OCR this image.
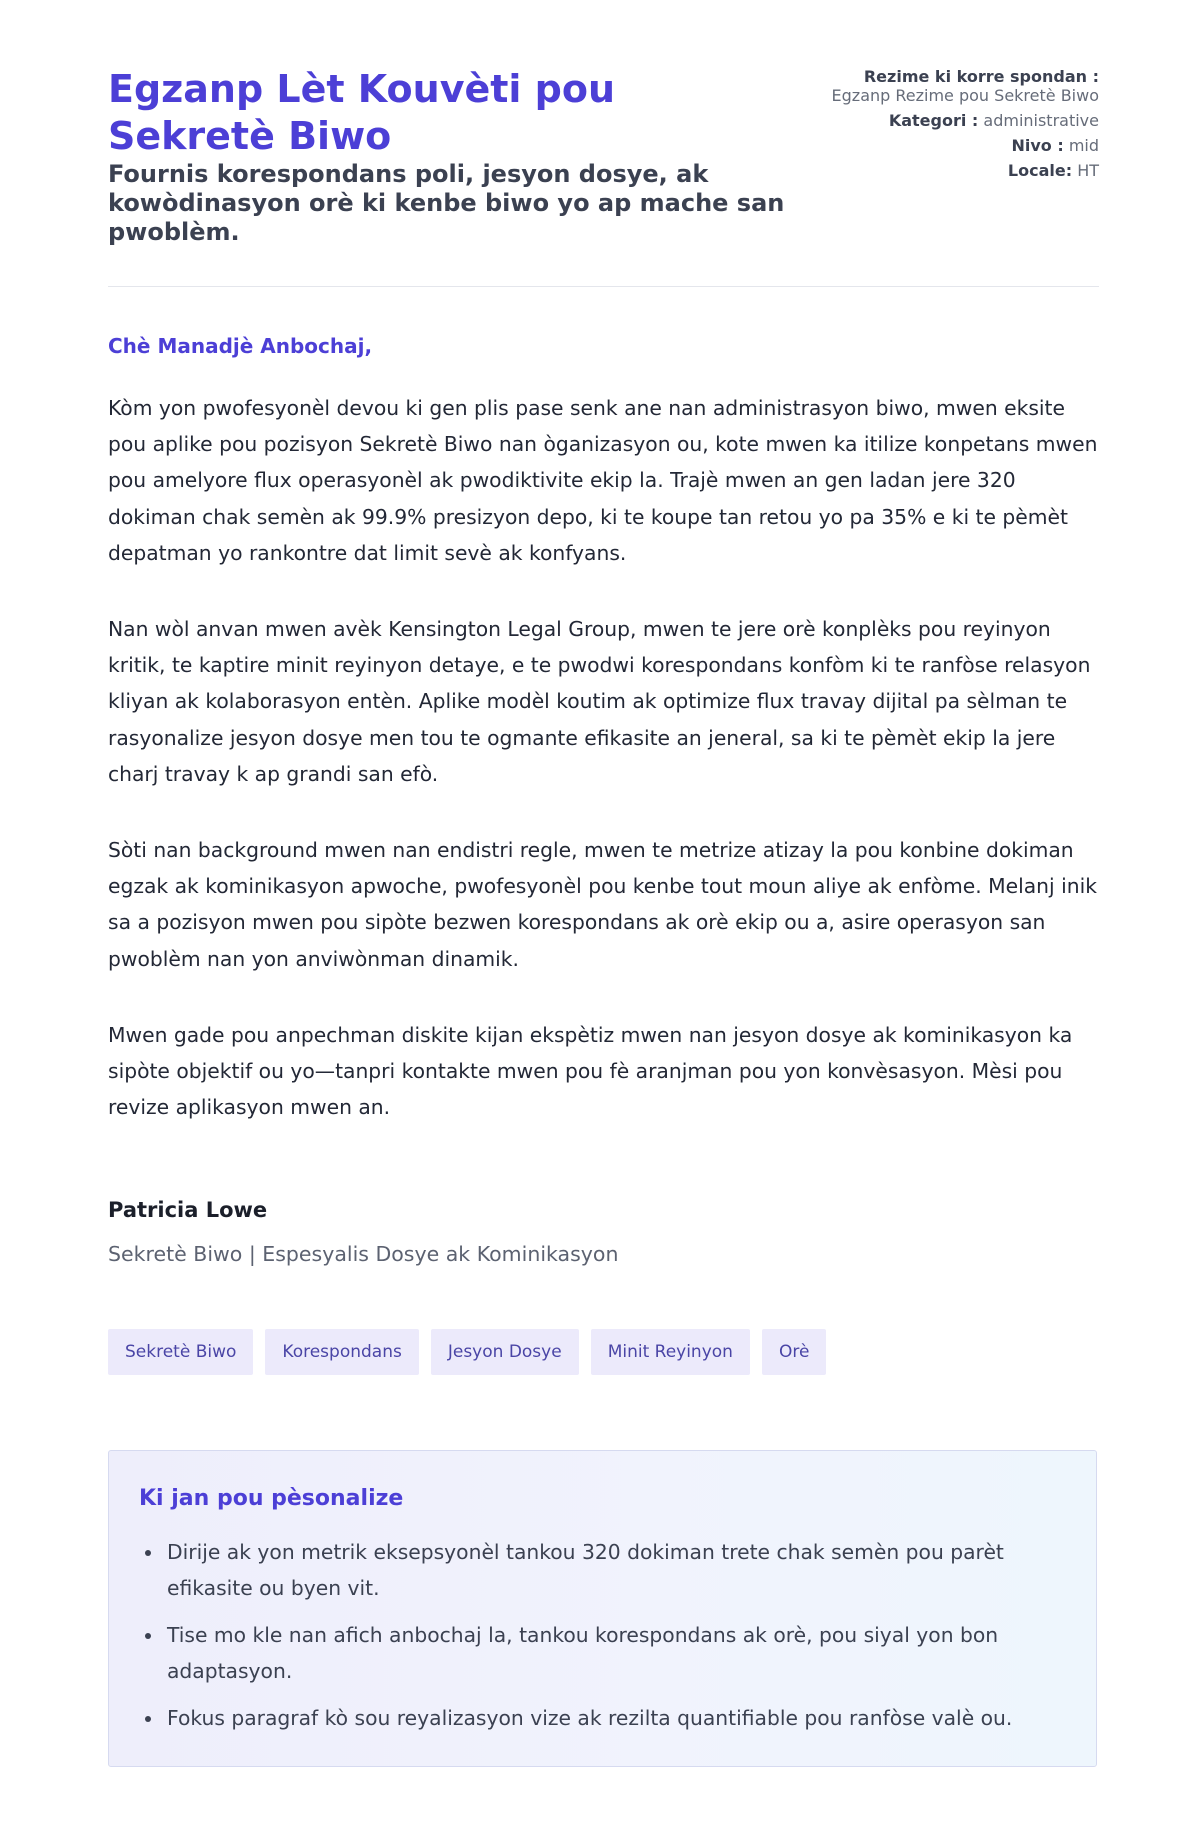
Egzanp Lèt Kouvèti pou Sekretè Biwo
Fournis korespondans poli, jesyon dosye, ak kowòdinasyon orè ki kenbe biwo yo ap mache san pwoblèm.
Rezime ki korre spondan :
Egzanp Rezime pou Sekretè Biwo
Kategori : administrative
Nivo : mid
Locale: HT

Chè Manadjè Anbochaj,

Kòm yon pwofesyonèl devou ki gen plis pase senk ane nan administrasyon biwo, mwen eksite pou aplike pou pozisyon Sekretè Biwo nan òganizasyon ou, kote mwen ka itilize konpetans mwen pou amelyore flux operasyonèl ak pwodiktivite ekip la. Trajè mwen an gen ladan jere 320 dokiman chak semèn ak 99.9% presizyon depo, ki te koupe tan retou yo pa 35% e ki te pèmèt depatman yo rankontre dat limit sevè ak konfyans.

Nan wòl anvan mwen avèk Kensington Legal Group, mwen te jere orè konplèks pou reyinyon kritik, te kaptire minit reyinyon detaye, e te pwodwi korespondans konfòm ki te ranfòse relasyon kliyan ak kolaborasyon entèn. Aplike modèl koutim ak optimize flux travay dijital pa sèlman te rasyonalize jesyon dosye men tou te ogmante efikasite an jeneral, sa ki te pèmèt ekip la jere charj travay k ap grandi san efò.

Sòti nan background mwen nan endistri regle, mwen te metrize atizay la pou konbine dokiman egzak ak kominikasyon apwoche, pwofesyonèl pou kenbe tout moun aliye ak enfòme. Melanj inik sa a pozisyon mwen pou sipòte bezwen korespondans ak orè ekip ou a, asire operasyon san pwoblèm nan yon anviwònman dinamik.

Mwen gade pou anpechman diskite kijan ekspètiz mwen nan jesyon dosye ak kominikasyon ka sipòte objektif ou yo—tanpri kontakte mwen pou fè aranjman pou yon konvèsasyon. Mèsi pou revize aplikasyon mwen an.

Patricia Lowe
Sekretè Biwo | Espesyalis Dosye ak Kominikasyon
Sekretè Biwo	Korespondans	Jesyon Dosye	Minit Reyinyon	Orè
Ki jan pou pèsonalize
• Dirije ak yon metrik eksepsyonèl tankou 320 dokiman trete chak semèn pou parèt efikasite ou byen vit.
• Tise mo kle nan afich anbochaj la, tankou korespondans ak orè, pou siyal yon bon adaptasyon.
• Fokus paragraf kò sou reyalizasyon vize ak rezilta quantifiable pou ranfòse valè ou.
